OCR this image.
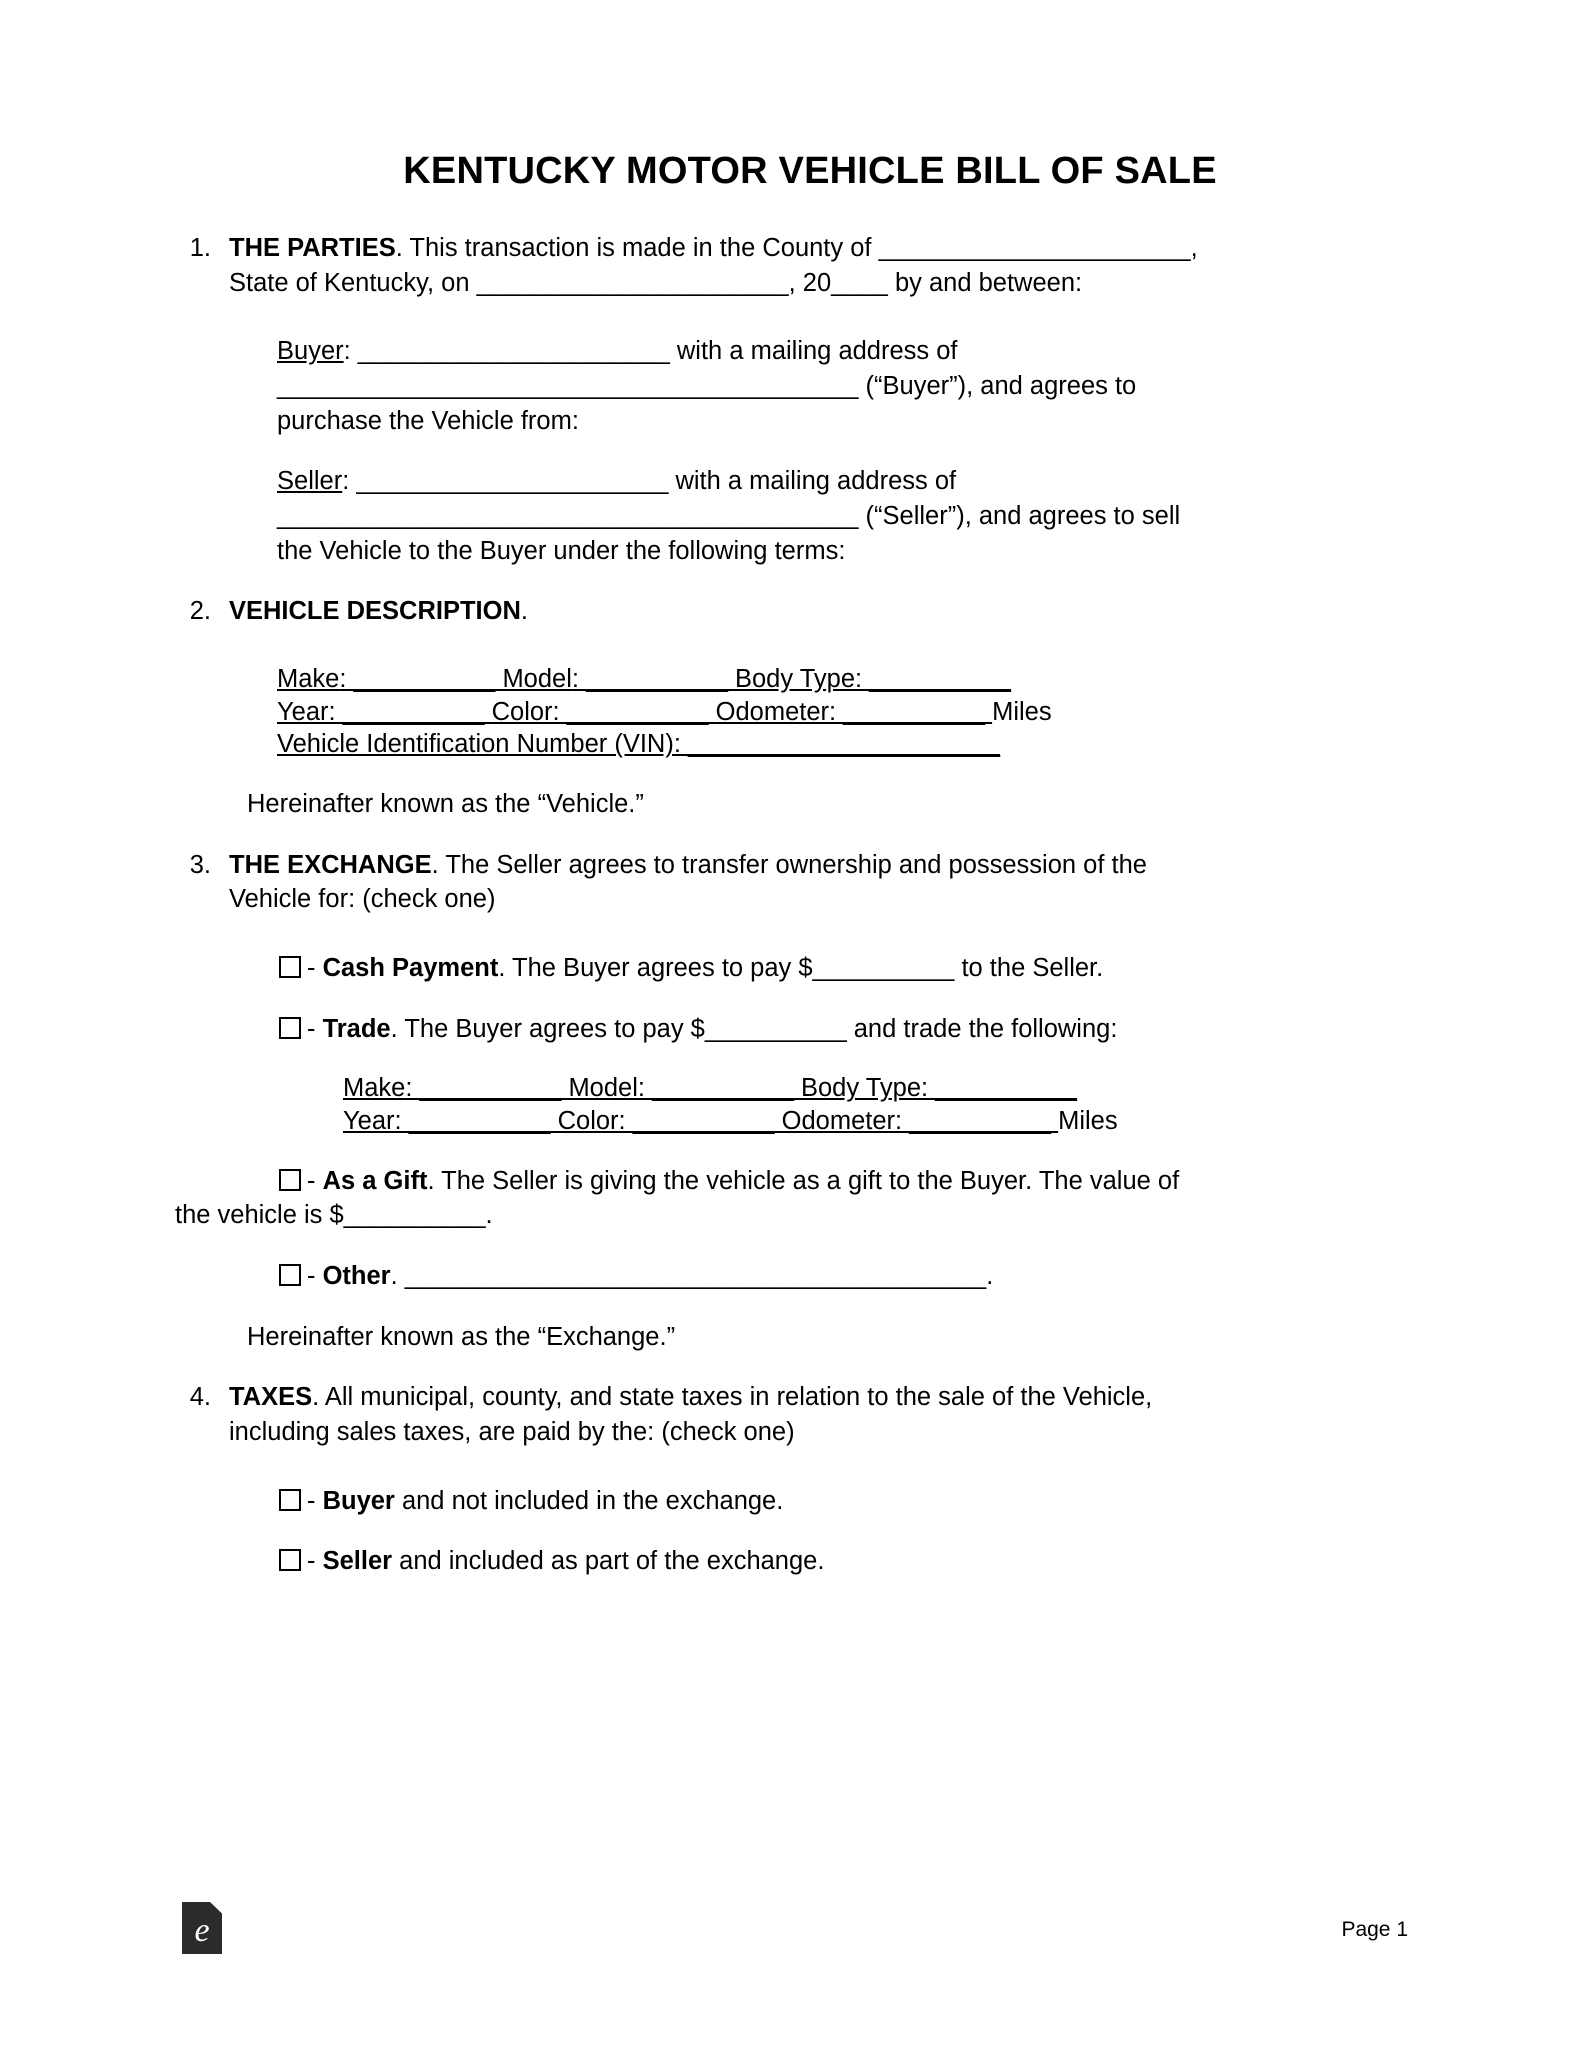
KENTUCKY MOTOR VEHICLE BILL OF SALE
1. THE PARTIES. This transaction is made in the County of ______________________,
State of Kentucky, on ______________________, 20____ by and between:
Buyer: ______________________ with a mailing address of
_________________________________________ (“Buyer”), and agrees to
purchase the Vehicle from:
Seller: ______________________ with a mailing address of
_________________________________________ (“Seller”), and agrees to sell
the Vehicle to the Buyer under the following terms:
2. VEHICLE DESCRIPTION.
Make: __________ Model: __________ Body Type: __________
Year: __________ Color: __________ Odometer: __________ Miles
Vehicle Identification Number (VIN): ______________________
Hereinafter known as the “Vehicle.”
3. THE EXCHANGE. The Seller agrees to transfer ownership and possession of the
Vehicle for: (check one)
- Cash Payment. The Buyer agrees to pay $__________ to the Seller.
- Trade. The Buyer agrees to pay $__________ and trade the following:
Make: __________ Model: __________ Body Type: __________
Year: __________ Color: __________ Odometer: __________ Miles
- As a Gift. The Seller is giving the vehicle as a gift to the Buyer. The value of
the vehicle is $__________.
- Other. _________________________________________.
Hereinafter known as the “Exchange.”
4. TAXES. All municipal, county, and state taxes in relation to the sale of the Vehicle,
including sales taxes, are paid by the: (check one)
- Buyer and not included in the exchange.
- Seller and included as part of the exchange.
e	Page 1
